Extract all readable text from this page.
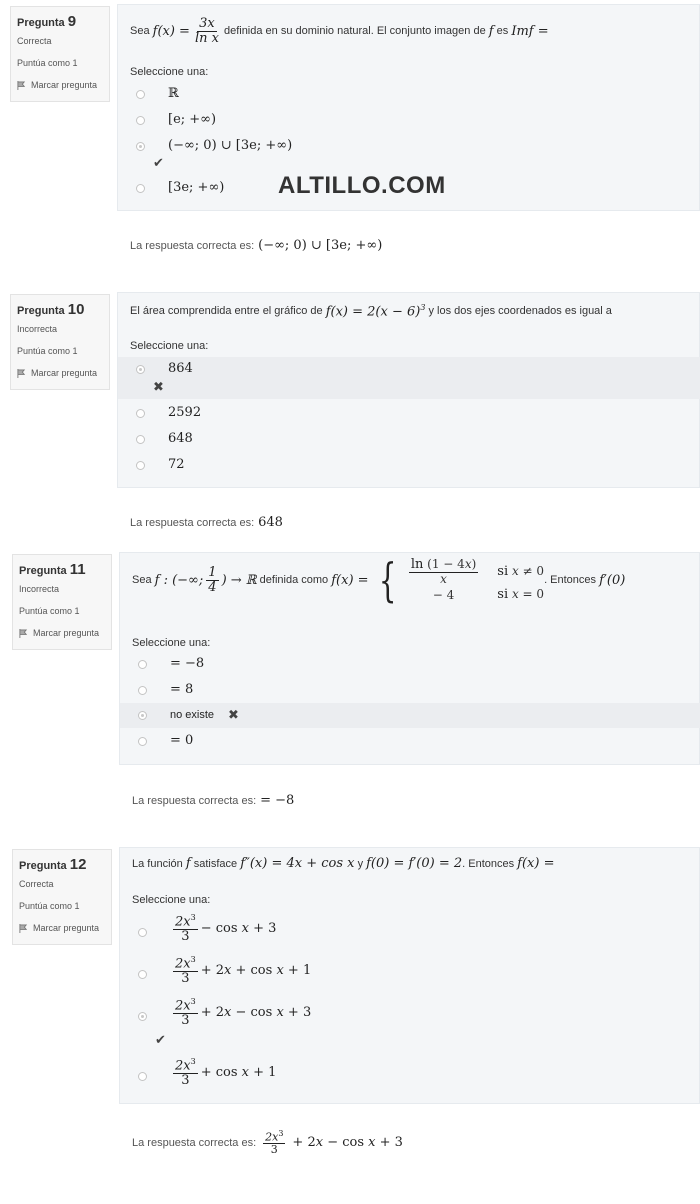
Pregunta 9
Correcta
Puntúa como 1
Marcar pregunta
Sea
$f(x) = \frac{3x}{\text{ln x}}$ definida en su dominio natural. El conjunto imagen de
f
es
Imf =
Seleccione una:
ℝ
[e; +∞)
(−∞; 0) ∪ [3e; +∞)
✔
[3e; +∞)
La respuesta correcta es: (−∞; 0) ∪ [3e; +∞)
ALTILLO.COM
Pregunta 10
Incorrecta
Puntúa como 1
Marcar pregunta
El área comprendida entre el gráfico de
$f(x) = 2(x - 6)^3$
y los dos ejes coordenados es igual a
Seleccione una:
864
✖
2592
648
72
La respuesta correcta es: 648
Pregunta 11
Incorrecta
Puntúa como 1
Marcar pregunta
Sea
f : (−∞; $\frac{1}{4}$ ) → ℝ
definida como
f(x) = { $\frac{\ln (1 - 4x)}{x}$ si x ≠ 0
− 4	si x = 0
. Entonces
f′(0)
Seleccione una:
= −8
= 8
no existe ✖
= 0
La respuesta correcta es: = −8
Pregunta 12
Correcta
Puntúa como 1
Marcar pregunta
La función
f
satisface
f″(x) = 4x + cos x
y
f(0) = f′(0) = 2 . Entonces
f(x) =
Seleccione una:
$\frac{2x^3}{3} - \cos x + 3$
$\frac{2x^3}{3} + 2x + \cos x + 1$
$\frac{2x^3}{3} + 2x - \cos x + 3$
✔
$\frac{2x^3}{3} + \cos x + 1$
La respuesta correcta es: $\frac{2x^3}{3} + 2x - \cos x + 3$
